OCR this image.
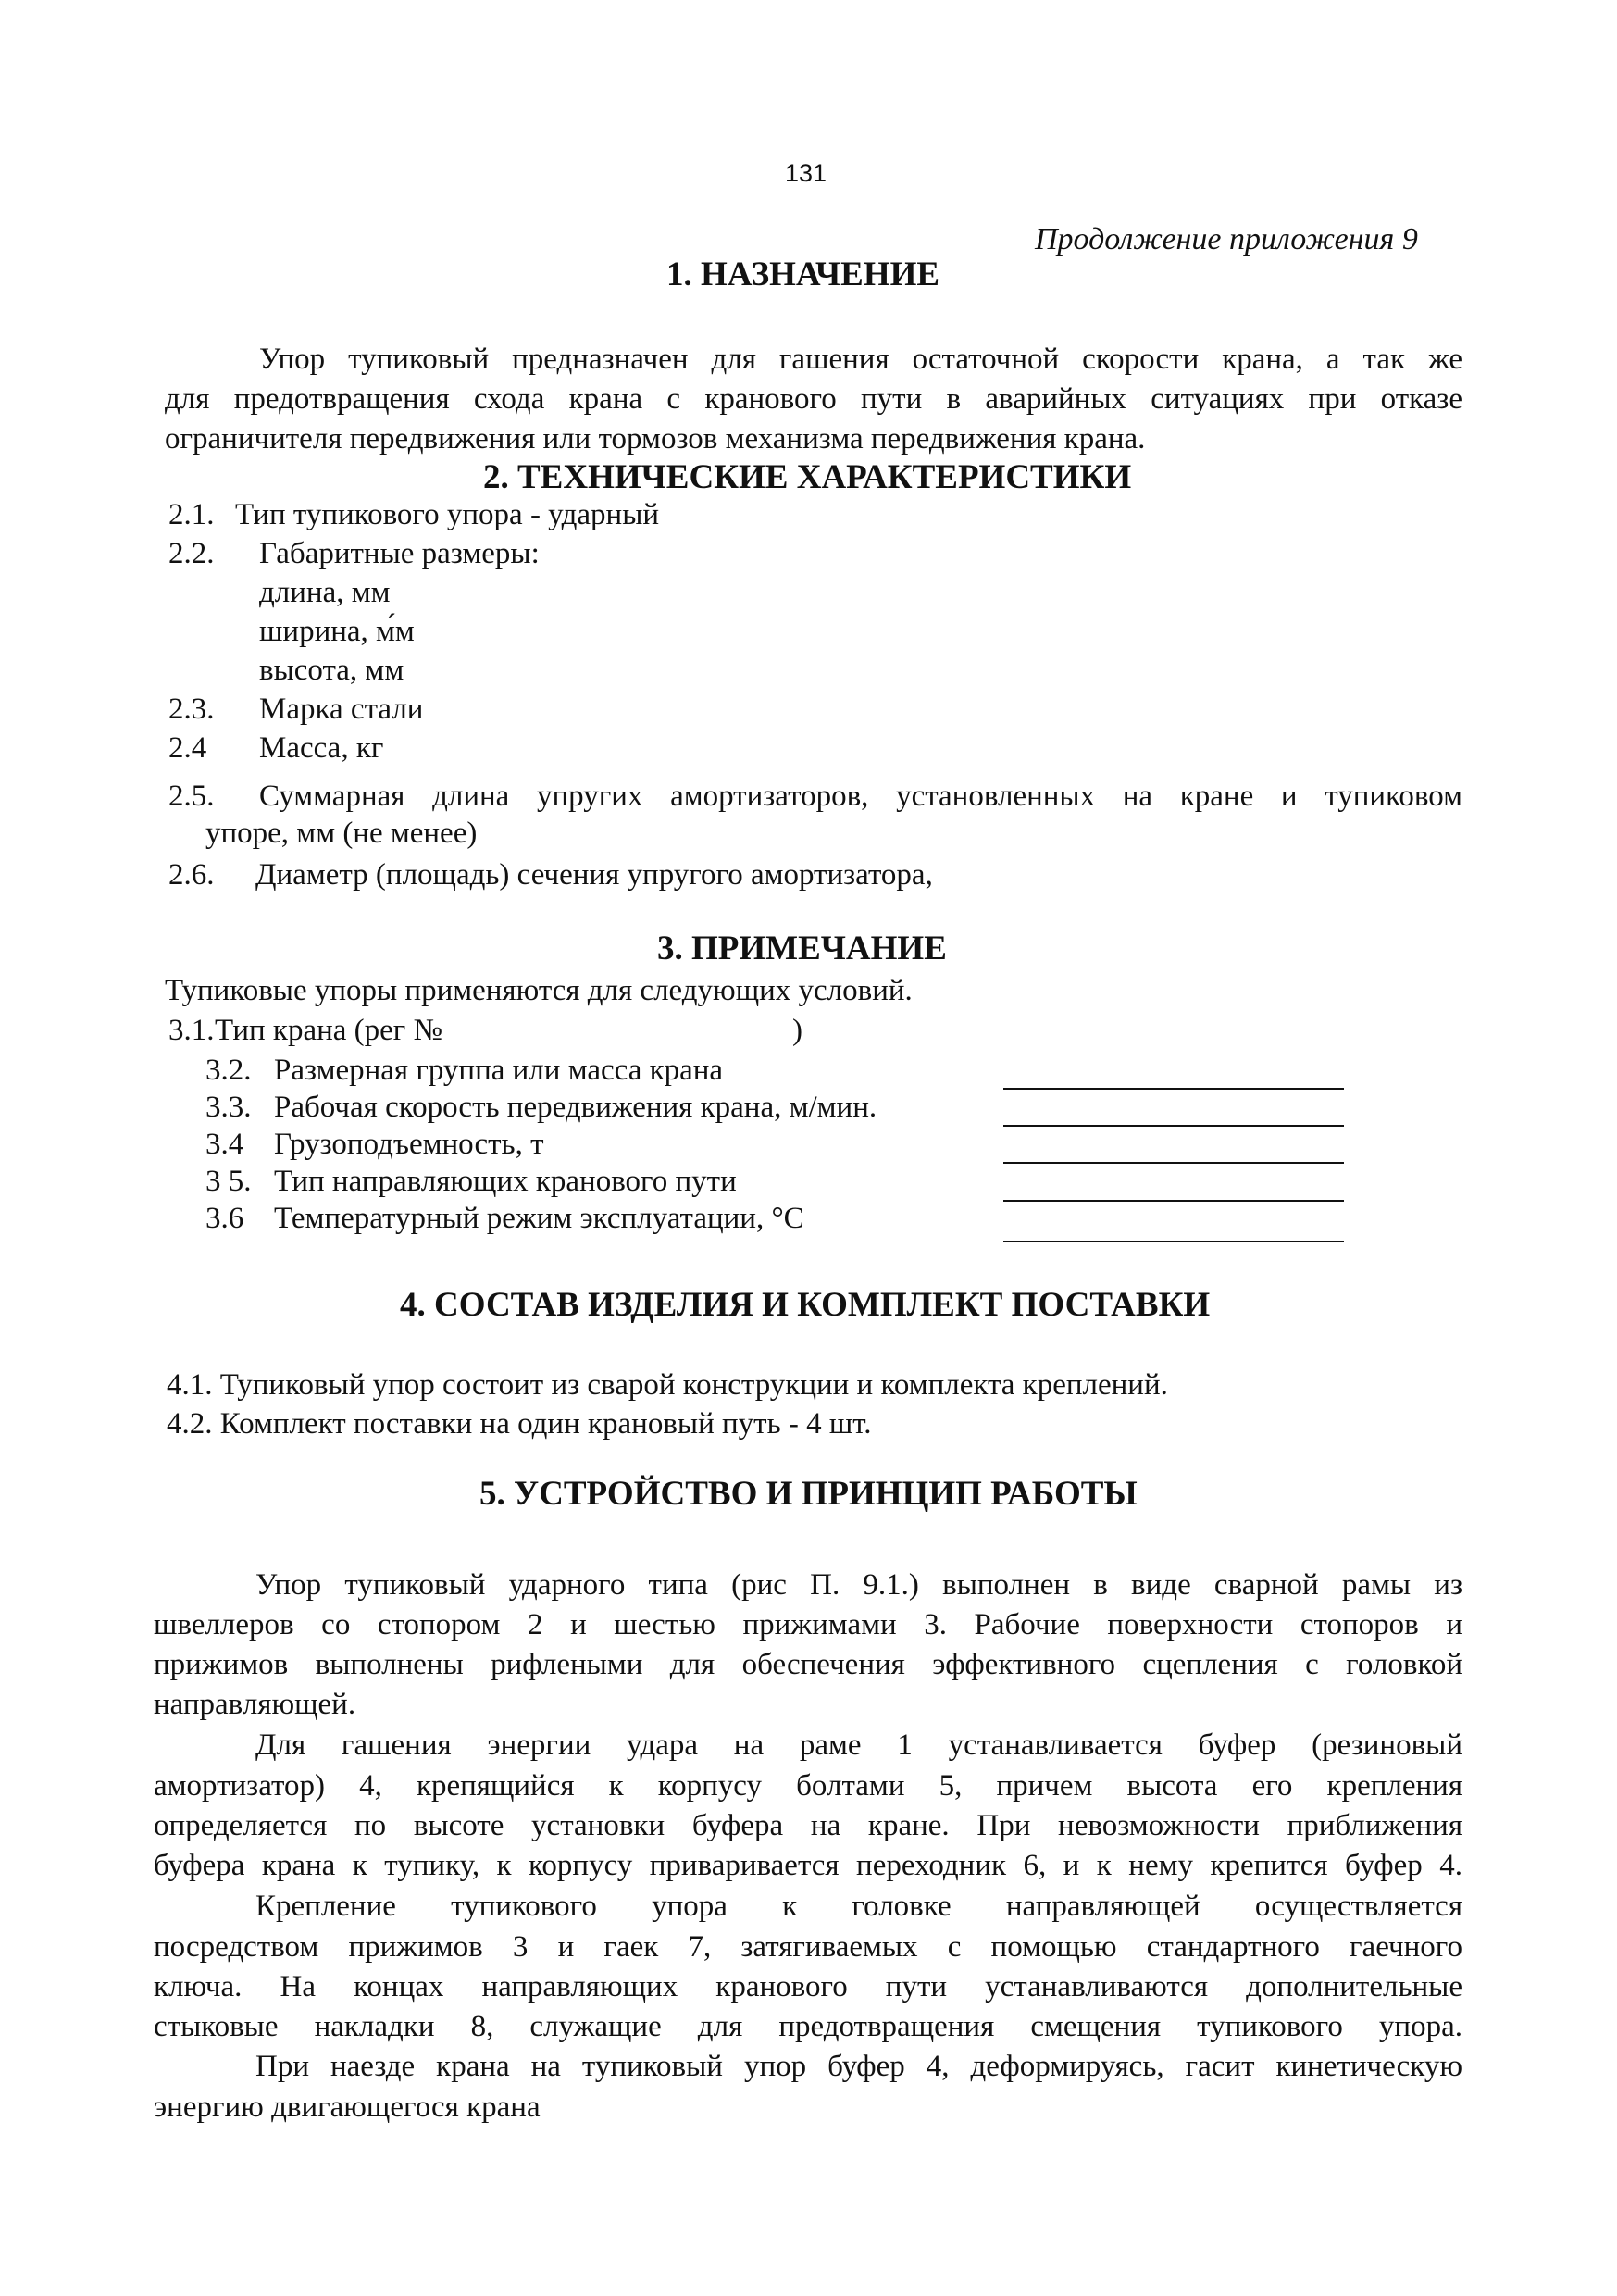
131
Продолжение приложения 9
1. НАЗНАЧЕНИЕ
Упор тупиковый предназначен для гашения остаточной скорости крана, а так же
для предотвращения схода крана с кранового пути в аварийных ситуациях при отказе
ограничителя передвижения или тормозов механизма передвижения крана.
2. ТЕХНИЧЕСКИЕ ХАРАКТЕРИСТИКИ
2.1. Тип тупикового упора - ударный
2.2. Габаритные размеры:
длина, мм
ширина, м́м
высота, мм
2.3. Марка стали
2.4 Масса, кг
2.5. Суммарная длина упругих амортизаторов, установленных на кране и тупиковом
упоре, мм (не менее)
2.6. Диаметр (площадь) сечения упругого амортизатора,
3. ПРИМЕЧАНИЕ
Тупиковые упоры применяются для следующих условий.
3.1. Тип крана (рег №	)
3.2. Размерная группа или масса крана
3.3. Рабочая скорость передвижения крана, м/мин.
3.4 Грузоподъемность, т
3 5. Тип направляющих кранового пути
3.6 Температурный режим эксплуатации, °С
4. СОСТАВ ИЗДЕЛИЯ И КОМПЛЕКТ ПОСТАВКИ
4.1. Тупиковый упор состоит из сварой конструкции и комплекта креплений.
4.2. Комплект поставки на один крановый путь - 4 шт.
5. УСТРОЙСТВО И ПРИНЦИП РАБОТЫ
Упор тупиковый ударного типа (рис П. 9.1.) выполнен в виде сварной рамы из
швеллеров со стопором 2 и шестью прижимами 3. Рабочие поверхности стопоров и
прижимов выполнены рифлеными для обеспечения эффективного сцепления с головкой
направляющей.
Для гашения энергии удара на раме 1 устанавливается буфер (резиновый
амортизатор) 4, крепящийся к корпусу болтами 5, причем высота его крепления
определяется по высоте установки буфера на кране. При невозможности приближения
буфера крана к тупику, к корпусу приваривается переходник 6, и к нему крепится буфер 4.
Крепление тупикового упора к головке направляющей осуществляется
посредством прижимов 3 и гаек 7, затягиваемых с помощью стандартного гаечного
ключа. На концах направляющих кранового пути устанавливаются дополнительные
стыковые накладки 8, служащие для предотвращения смещения тупикового упора.
При наезде крана на тупиковый упор буфер 4, деформируясь, гасит кинетическую
энергию двигающегося крана
